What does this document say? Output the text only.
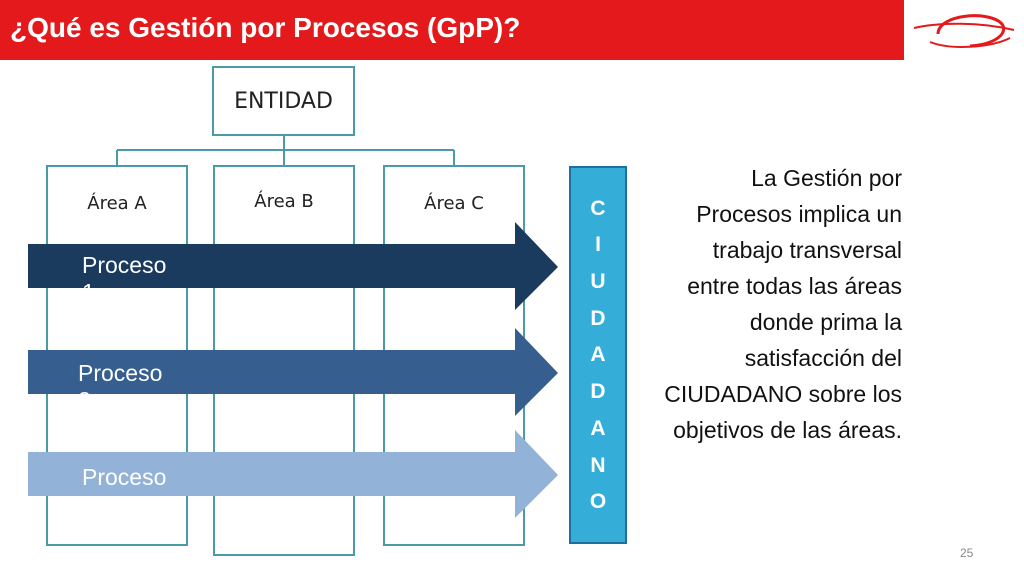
¿Qué es Gestión por Procesos (GpP)?
ENTIDAD
Área A	Área B	Área C
Proceso 1
Proceso 2
Proceso 3
C
I
U
D
A
D
A
N
O
La Gestión por Procesos implica un trabajo transversal entre todas las áreas donde prima la satisfacción del CIUDADANO sobre los objetivos de las áreas.
25
